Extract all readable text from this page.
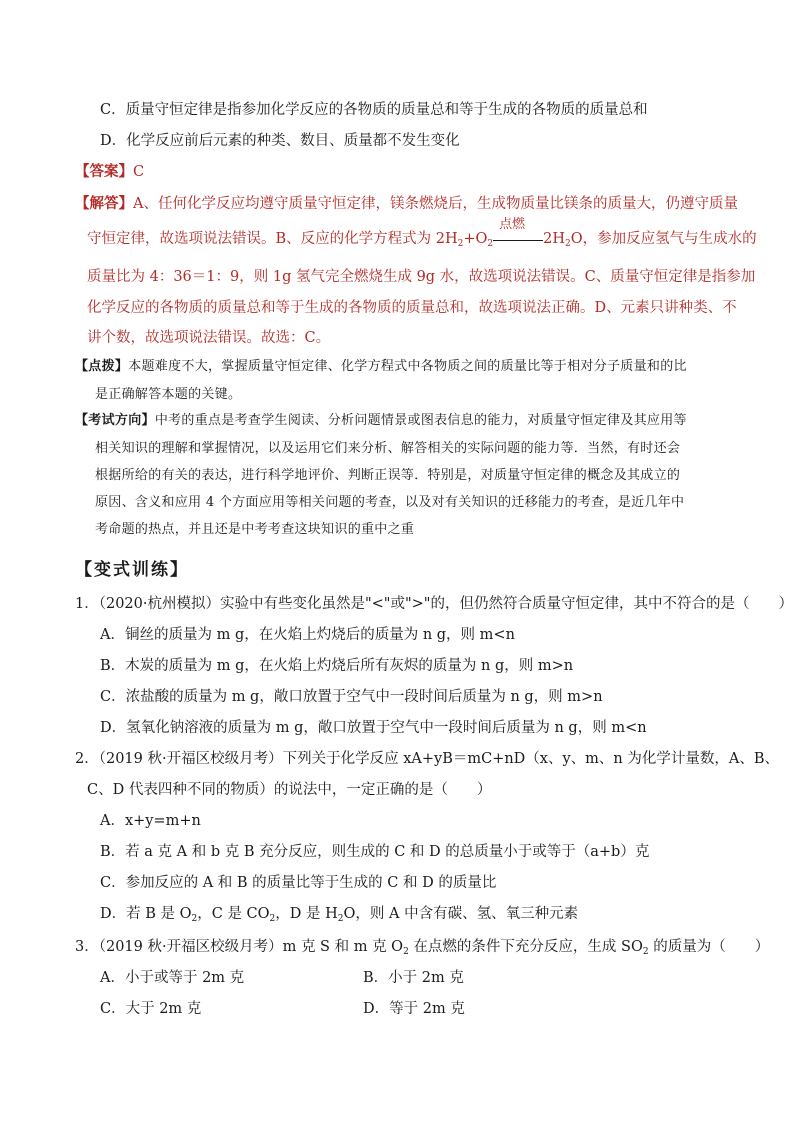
C．质量守恒定律是指参加化学反应的各物质的质量总和等于生成的各物质的质量总和
D．化学反应前后元素的种类、数目、质量都不发生变化
【答案】C
【解答】A、任何化学反应均遵守质量守恒定律，镁条燃烧后，生成物质量比镁条的质量大，仍遵守质量
守恒定律，故选项说法错误。B、反应的化学方程式为 $2H_2+O_2$
点燃
$2H_2O$，参加反应氢气与生成水的
质量比为 4：36＝1：9，则 1g 氢气完全燃烧生成 9g 水，故选项说法错误。C、质量守恒定律是指参加
化学反应的各物质的质量总和等于生成的各物质的质量总和，故选项说法正确。D、元素只讲种类、不
讲个数，故选项说法错误。故选：C。
【点拨】本题难度不大，掌握质量守恒定律、化学方程式中各物质之间的质量比等于相对分子质量和的比
是正确解答本题的关键。
【考试方向】中考的重点是考查学生阅读、分析问题情景或图表信息的能力，对质量守恒定律及其应用等
相关知识的理解和掌握情况，以及运用它们来分析、解答相关的实际问题的能力等．当然，有时还会
根据所给的有关的表达，进行科学地评价、判断正误等．特别是，对质量守恒定律的概念及其成立的
原因、含义和应用 4 个方面应用等相关问题的考查，以及对有关知识的迁移能力的考查，是近几年中
考命题的热点，并且还是中考考查这块知识的重中之重
【变式训练】
1．（2020·杭州模拟）实验中有些变化虽然是"<"或">"的，但仍然符合质量守恒定律，其中不符合的是（　　）
A．铜丝的质量为 m g，在火焰上灼烧后的质量为 n g，则 m<n
B．木炭的质量为 m g，在火焰上灼烧后所有灰烬的质量为 n g，则 m>n
C．浓盐酸的质量为 m g，敞口放置于空气中一段时间后质量为 n g，则 m>n
D．氢氧化钠溶液的质量为 m g，敞口放置于空气中一段时间后质量为 n g，则 m<n
2．（2019 秋·开福区校级月考）下列关于化学反应 xA+yB＝mC+nD（x、y、m、n 为化学计量数，A、B、
C、D 代表四种不同的物质）的说法中，一定正确的是（　　）
A．x+y=m+n
B．若 a 克 A 和 b 克 B 充分反应，则生成的 C 和 D 的总质量小于或等于（a+b）克
C．参加反应的 A 和 B 的质量比等于生成的 C 和 D 的质量比
D．若 B 是 $O_2$，C 是 $CO_2$，D 是 $H_2O$，则 A 中含有碳、氢、氧三种元素
3．（2019 秋·开福区校级月考）m 克 S 和 m 克 $O_2$ 在点燃的条件下充分反应，生成 $SO_2$ 的质量为（　　）
A．小于或等于 2m 克	B．小于 2m 克
C．大于 2m 克	D．等于 2m 克
